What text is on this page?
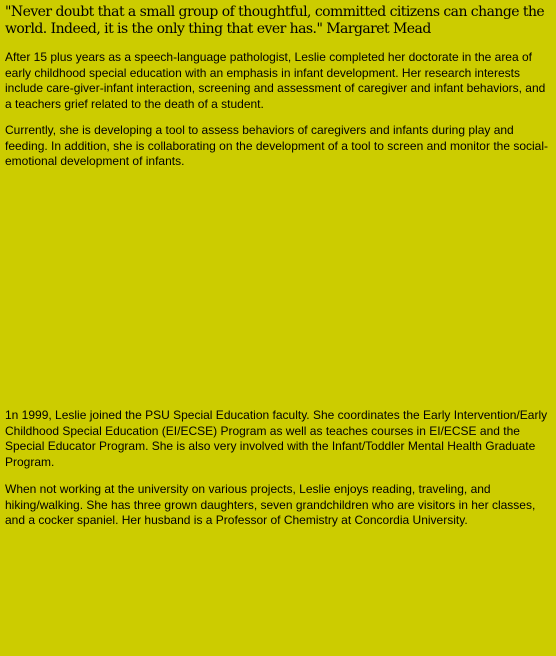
"Never doubt that a small group of thoughtful, committed citizens can change the world. Indeed, it is the only thing that ever has." Margaret Mead

After 15 plus years as a speech-language pathologist, Leslie completed her doctorate in the area of early childhood special education with an emphasis in infant development. Her research interests include care-giver-infant interaction, screening and assessment of caregiver and infant behaviors, and a teachers grief related to the death of a student.

Currently, she is developing a tool to assess behaviors of caregivers and infants during play and feeding. In addition, she is collaborating on the development of a tool to screen and monitor the social-emotional development of infants.

1n 1999, Leslie joined the PSU Special Education faculty. She coordinates the Early Intervention/Early Childhood Special Education (EI/ECSE) Program as well as teaches courses in EI/ECSE and the Special Educator Program. She is also very involved with the Infant/Toddler Mental Health Graduate Program.

When not working at the university on various projects, Leslie enjoys reading, traveling, and hiking/walking. She has three grown daughters, seven grandchildren who are visitors in her classes, and a cocker spaniel. Her husband is a Professor of Chemistry at Concordia University.
